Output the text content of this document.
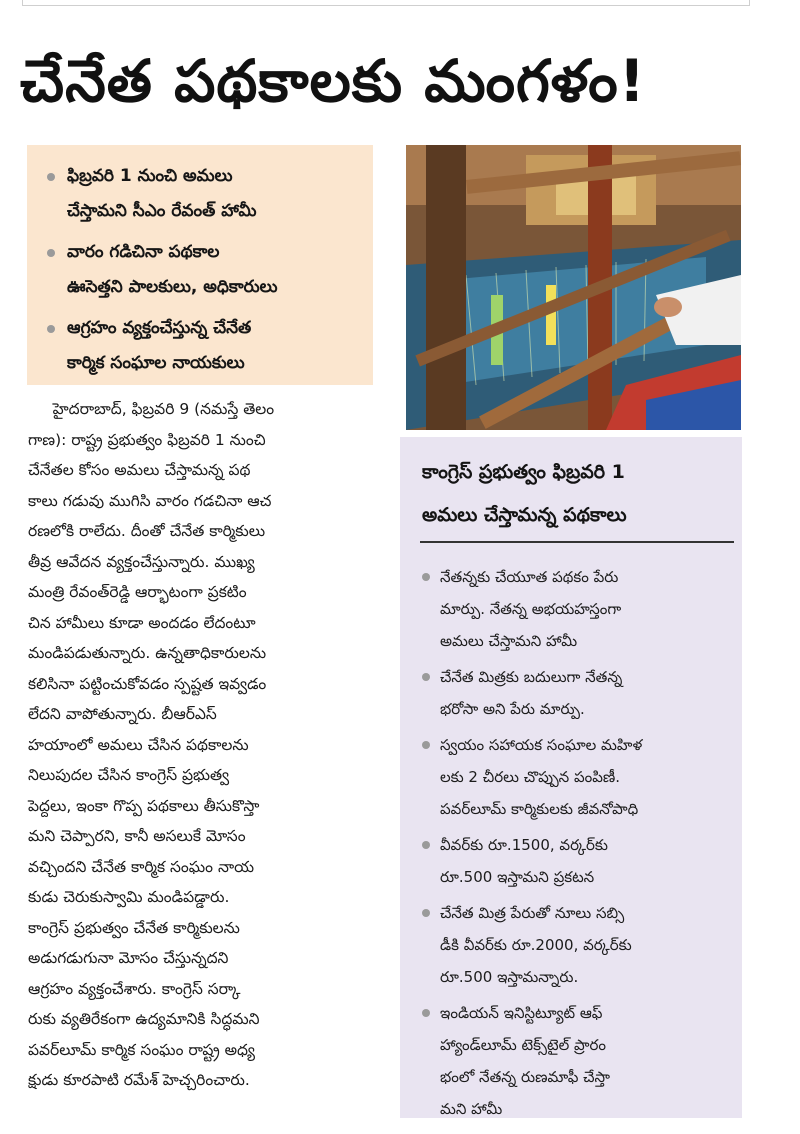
చేనేత పథకాలకు మంగళం!
ఫిబ్రవరి 1 నుంచి అమలు
చేస్తామని సీఎం రేవంత్‌ హామీ
వారం గడిచినా పథకాల
ఊసెత్తని పాలకులు, అధికారులు
ఆగ్రహం వ్యక్తంచేస్తున్న చేనేత
కార్మిక సంఘాల నాయకులు
హైదరాబాద్‌, ఫిబ్రవరి 9 (నమస్తే తెలం
గాణ): రాష్ట్ర ప్రభుత్వం ఫిబ్రవరి 1 నుంచి
చేనేతల కోసం అమలు చేస్తామన్న పథ
కాలు గడువు ముగిసి వారం గడచినా ఆచ
రణలోకి రాలేదు. దీంతో చేనేత కార్మికులు
తీవ్ర ఆవేదన వ్యక్తంచేస్తున్నారు. ముఖ్య
మంత్రి రేవంత్‌రెడ్డి ఆర్భాటంగా ప్రకటిం
చిన హామీలు కూడా అందడం లేదంటూ
మండిపడుతున్నారు. ఉన్నతాధికారులను
కలిసినా పట్టించుకోవడం స్పష్టత ఇవ్వడం
లేదని వాపోతున్నారు. బీఆర్‌ఎస్‌
హయాంలో అమలు చేసిన పథకాలను
నిలుపుదల చేసిన కాంగ్రెస్‌ ప్రభుత్వ
పెద్దలు, ఇంకా గొప్ప పథకాలు తీసుకొస్తా
మని చెప్పారని, కానీ అసలుకే మోసం
వచ్చిందని చేనేత కార్మిక సంఘం నాయ
కుడు చెరుకుస్వామి మండిపడ్డారు.
కాంగ్రెస్‌ ప్రభుత్వం చేనేత కార్మికులను
అడుగడుగునా మోసం చేస్తున్నదని
ఆగ్రహం వ్యక్తంచేశారు. కాంగ్రెస్‌ సర్కా
రుకు వ్యతిరేకంగా ఉద్యమానికి సిద్ధమని
పవర్‌లూమ్‌ కార్మిక సంఘం రాష్ట్ర అధ్య
క్షుడు కూరపాటి రమేశ్‌ హెచ్చరించారు.
కాంగ్రెస్‌ ప్రభుత్వం ఫిబ్రవరి 1
అమలు చేస్తామన్న పథకాలు
నేతన్నకు చేయూత పథకం పేరు
మార్పు. నేతన్న అభయహస్తంగా
అమలు చేస్తామని హామీ
చేనేత మిత్రకు బదులుగా నేతన్న
భరోసా అని పేరు మార్పు.
స్వయం సహాయక సంఘాల మహిళ
లకు 2 చీరలు చొప్పున పంపిణీ.
పవర్‌లూమ్‌ కార్మికులకు జీవనోపాధి
వీవర్‌కు రూ.1500, వర్కర్‌కు
రూ.500 ఇస్తామని ప్రకటన
చేనేత మిత్ర పేరుతో నూలు సబ్సి
డీకి వీవర్‌కు రూ.2000, వర్కర్‌కు
రూ.500 ఇస్తామన్నారు.
ఇండియన్‌ ఇనిస్టిట్యూట్‌ ఆఫ్‌
హ్యాండ్‌లూమ్‌ టెక్స్‌టైల్‌ ప్రారం
భంలో నేతన్న రుణమాఫీ చేస్తా
మని హామీ
